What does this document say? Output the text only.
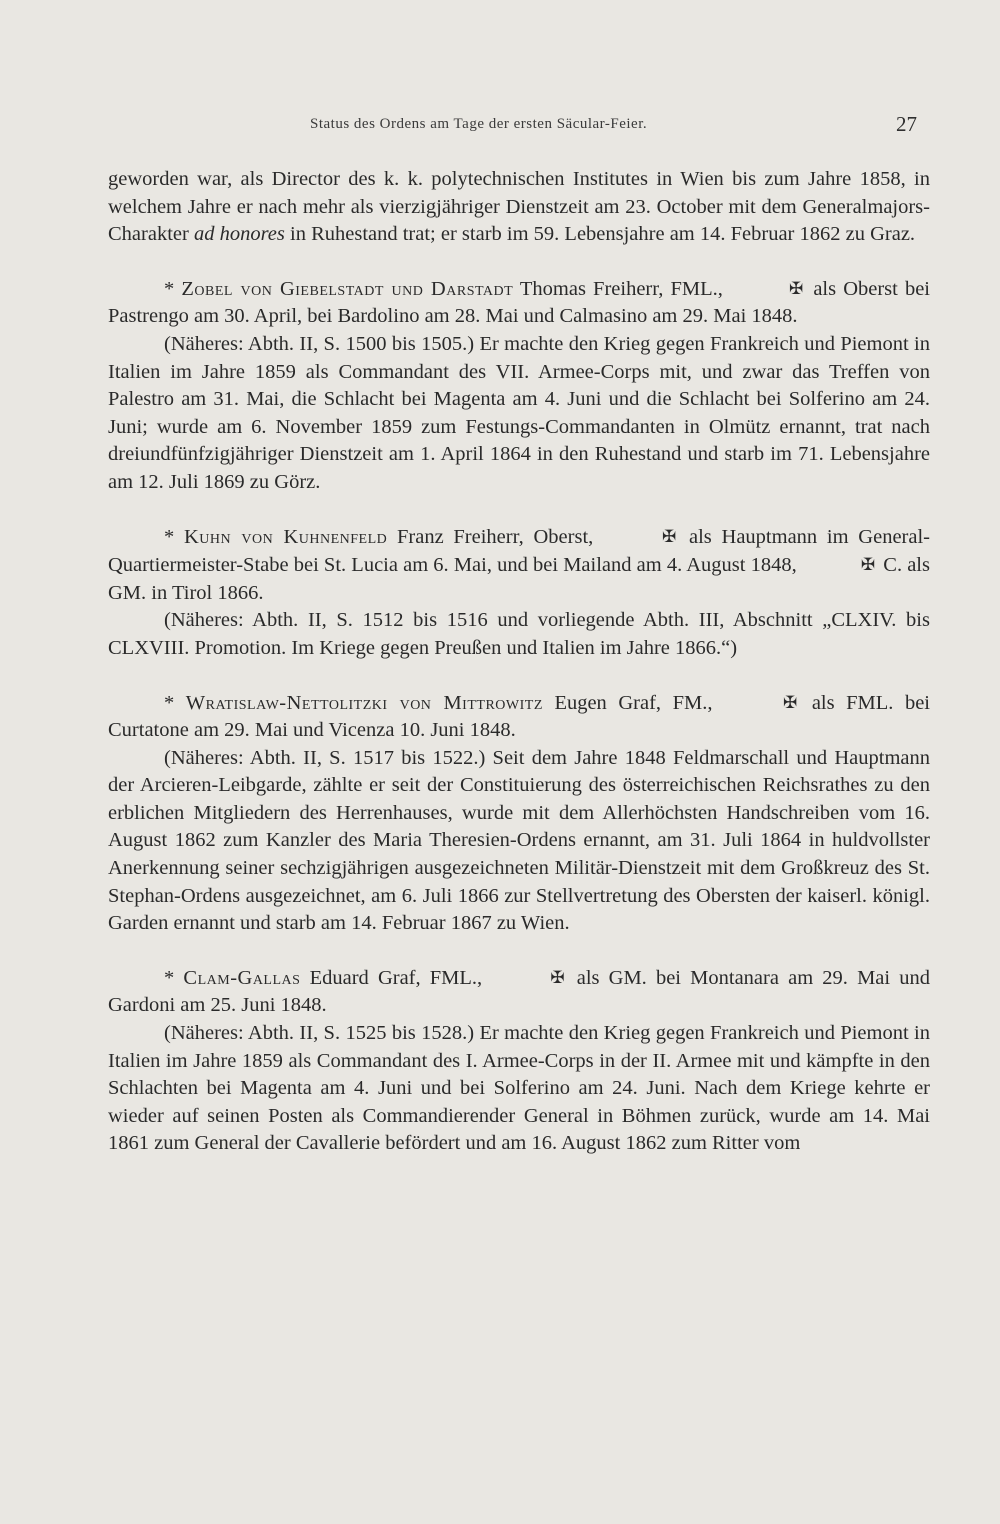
Status des Ordens am Tage der ersten Säcular-Feier.	27

geworden war, als Director des k. k. polytechnischen Institutes in Wien bis zum Jahre 1858, in welchem Jahre er nach mehr als vierzigjähriger Dienstzeit am 23. October mit dem Generalmajors-Charakter ad honores in Ruhestand trat; er starb im 59. Lebensjahre am 14. Februar 1862 zu Graz.

* Zobel von Giebelstadt und Darstadt Thomas Freiherr, FML.,	✠ als Oberst bei Pastrengo am 30. April, bei Bardolino am 28. Mai und Calmasino am 29. Mai 1848.

(Näheres: Abth. II, S. 1500 bis 1505.) Er machte den Krieg gegen Frankreich und Piemont in Italien im Jahre 1859 als Commandant des VII. Armee-Corps mit, und zwar das Treffen von Palestro am 31. Mai, die Schlacht bei Magenta am 4. Juni und die Schlacht bei Solferino am 24. Juni; wurde am 6. November 1859 zum Festungs-Commandanten in Olmütz ernannt, trat nach dreiundfünfzigjähriger Dienstzeit am 1. April 1864 in den Ruhestand und starb im 71. Lebensjahre am 12. Juli 1869 zu Görz.

* Kuhn von Kuhnenfeld Franz Freiherr, Oberst,	✠ als Hauptmann im General-Quartiermeister-Stabe bei St. Lucia am 6. Mai, und bei Mailand am 4. August 1848,	✠ C. als GM. in Tirol 1866.

(Näheres: Abth. II, S. 1512 bis 1516 und vorliegende Abth. III, Abschnitt „CLXIV. bis CLXVIII. Promotion. Im Kriege gegen Preußen und Italien im Jahre 1866.“)

* Wratislaw-Nettolitzki von Mittrowitz Eugen Graf, FM.,	✠ als FML. bei Curtatone am 29. Mai und Vicenza 10. Juni 1848.

(Näheres: Abth. II, S. 1517 bis 1522.) Seit dem Jahre 1848 Feldmarschall und Hauptmann der Arcieren-Leibgarde, zählte er seit der Constituierung des österreichischen Reichsrathes zu den erblichen Mitgliedern des Herrenhauses, wurde mit dem Allerhöchsten Handschreiben vom 16. August 1862 zum Kanzler des Maria Theresien-Ordens ernannt, am 31. Juli 1864 in huldvollster Anerkennung seiner sechzigjährigen ausgezeichneten Militär-Dienstzeit mit dem Großkreuz des St. Stephan-Ordens ausgezeichnet, am 6. Juli 1866 zur Stellvertretung des Obersten der kaiserl. königl. Garden ernannt und starb am 14. Februar 1867 zu Wien.

* Clam-Gallas Eduard Graf, FML.,	✠ als GM. bei Montanara am 29. Mai und Gardoni am 25. Juni 1848.

(Näheres: Abth. II, S. 1525 bis 1528.) Er machte den Krieg gegen Frankreich und Piemont in Italien im Jahre 1859 als Commandant des I. Armee-Corps in der II. Armee mit und kämpfte in den Schlachten bei Magenta am 4. Juni und bei Solferino am 24. Juni. Nach dem Kriege kehrte er wieder auf seinen Posten als Commandierender General in Böhmen zurück, wurde am 14. Mai 1861 zum General der Cavallerie befördert und am 16. August 1862 zum Ritter vom
